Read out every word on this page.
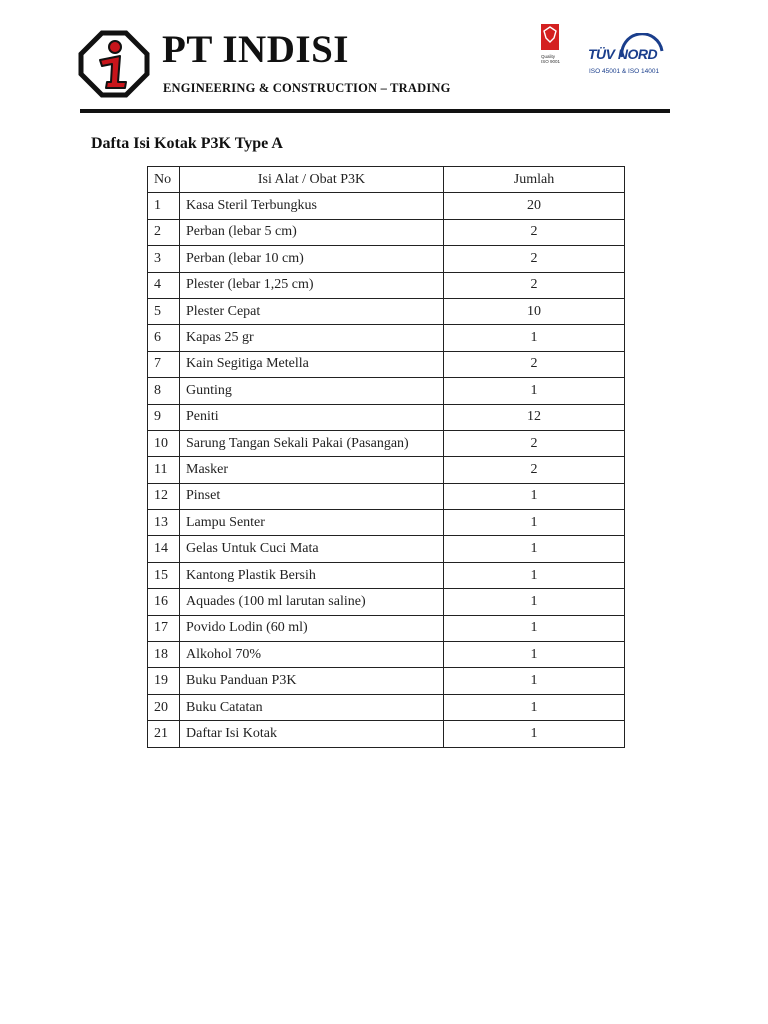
PT INDISI
ENGINEERING & CONSTRUCTION – TRADING
Quality
ISO 9001 TÜV NORD
ISO 45001 & ISO 14001
Dafta Isi Kotak P3K Type A
No	Isi Alat / Obat P3K	Jumlah
1	Kasa Steril Terbungkus	20
2	Perban (lebar 5 cm)	2
3	Perban (lebar 10 cm)	2
4	Plester (lebar 1,25 cm)	2
5	Plester Cepat	10
6	Kapas 25 gr	1
7	Kain Segitiga Metella	2
8	Gunting	1
9	Peniti	12
10	Sarung Tangan Sekali Pakai (Pasangan)	2
11	Masker	2
12	Pinset	1
13	Lampu Senter	1
14	Gelas Untuk Cuci Mata	1
15	Kantong Plastik Bersih	1
16	Aquades (100 ml larutan saline)	1
17	Povido Lodin (60 ml)	1
18	Alkohol 70%	1
19	Buku Panduan P3K	1
20	Buku Catatan	1
21	Daftar Isi Kotak	1
